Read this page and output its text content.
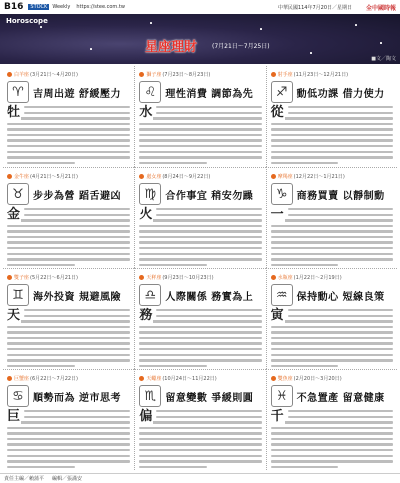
B16	STOCK	Weekly https://stee.com.tw	中華民國114年7月20日／星期日 全中國時報
Horoscope
星座理財 (7月21日～7月25日)
■文／陶文
白羊座 (3月21日～4月20日)
♈ 吉周出遊 舒緩壓力
牡
獅子座 (7月23日～8月23日)
♌ 理性消費 調節為先
水
射手座 (11月23日～12月21日)
♐ 動低功課 借力使力
從
金牛座 (4月21日～5月21日)
♉ 步步為營 蹈舌避凶
金
處女座 (8月24日～9月22日)
♍ 合作事宜 稍安勿躁
火
摩羯座 (12月22日～1月21日)
♑ 商務買賣 以靜制動
一
雙子座 (5月22日～6月21日)
♊ 海外投資 規避風險
天
天秤座 (9月23日～10月23日)
♎ 人際關係 務實為上
務
水瓶座 (1月22日～2月19日)
♒ 保持動心 短線良策
寅
巨蟹座 (6月22日～7月22日)
♋ 順勢而為 逆市思考
巨
天蠍座 (10月24日～11月22日)
♏ 留意變數 爭緩則圓
偏
雙魚座 (2月20日～3月20日)
♓ 不急置產 留意健康
千
責任主編／賴蒲平 編輯／張滿安
